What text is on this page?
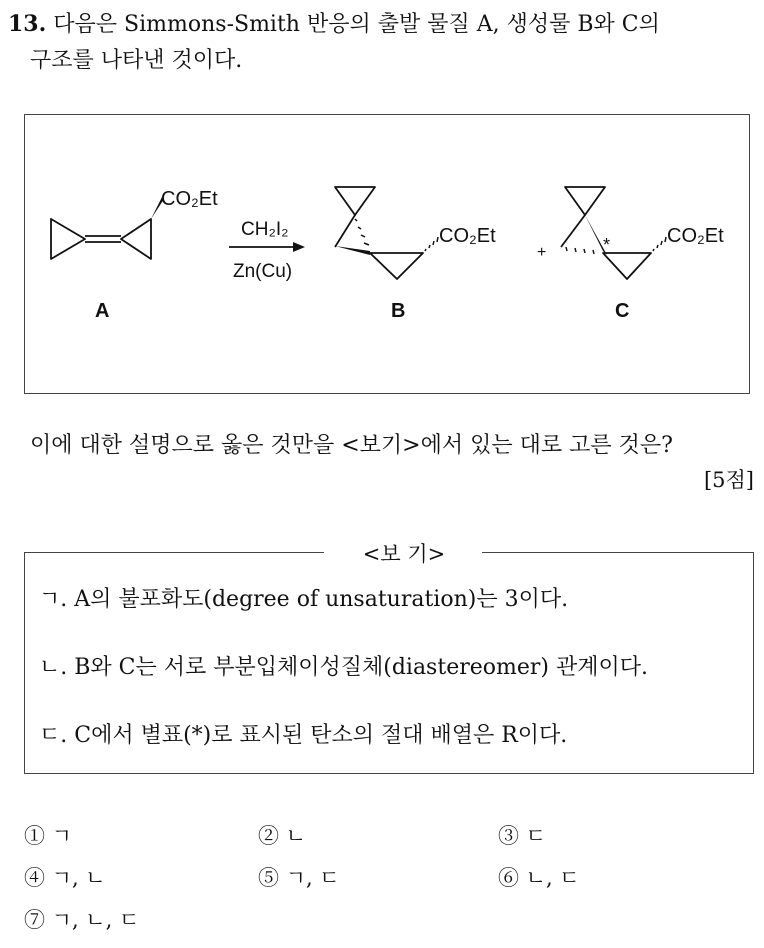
13. 다음은 Simmons-Smith 반응의 출발 물질 A, 생성물 B와 C의
구조를 나타낸 것이다.
CO₂Et
CH₂I₂
Zn(Cu)
CO₂Et
+	*	CO₂Et
A	B	C
이에 대한 설명으로 옳은 것만을 <보기>에서 있는 대로 고른 것은?
[5점]
<보 기>
ㄱ. A의 불포화도(degree of unsaturation)는 3이다.
ㄴ. B와 C는 서로 부분입체이성질체(diastereomer) 관계이다.
ㄷ. C에서 별표(*)로 표시된 탄소의 절대 배열은 R이다.
① ㄱ	② ㄴ	③ ㄷ
④ ㄱ, ㄴ	⑤ ㄱ, ㄷ	⑥ ㄴ, ㄷ
⑦ ㄱ, ㄴ, ㄷ
